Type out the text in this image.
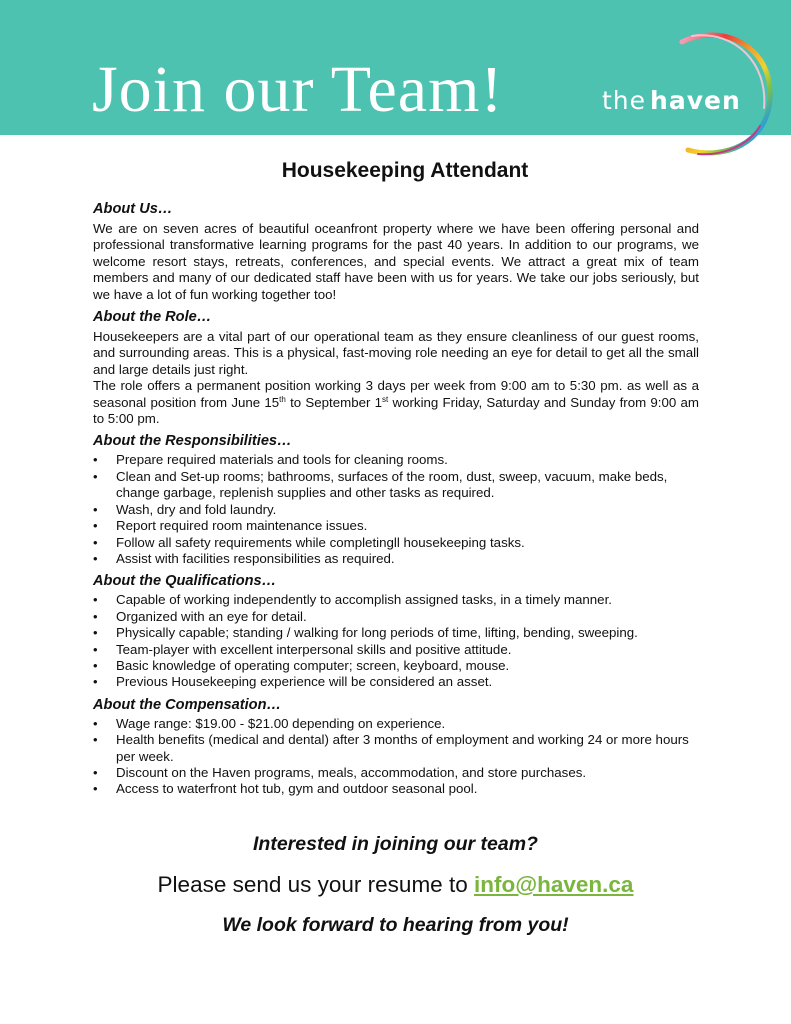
Join our Team!	the haven
Housekeeping Attendant
About Us…

We are on seven acres of beautiful oceanfront property where we have been offering personal and professional transformative learning programs for the past 40 years. In addition to our programs, we welcome resort stays, retreats, conferences, and special events. We attract a great mix of team members and many of our dedicated staff have been with us for years. We take our jobs seriously, but we have a lot of fun working together too!

About the Role…

Housekeepers are a vital part of our operational team as they ensure cleanliness of our guest rooms, and surrounding areas. This is a physical, fast-moving role needing an eye for detail to get all the small and large details just right.

The role offers a permanent position working 3 days per week from 9:00 am to 5:30 pm. as well as a seasonal position from June 15th to September 1st working Friday, Saturday and Sunday from 9:00 am to 5:00 pm.

About the Responsibilities…
• Prepare required materials and tools for cleaning rooms.
• Clean and Set-up rooms; bathrooms, surfaces of the room, dust, sweep, vacuum, make beds, change garbage, replenish supplies and other tasks as required.
• Wash, dry and fold laundry.
• Report required room maintenance issues.
• Follow all safety requirements while completingll housekeeping tasks.
• Assist with facilities responsibilities as required.
About the Qualifications…
• Capable of working independently to accomplish assigned tasks, in a timely manner.
• Organized with an eye for detail.
• Physically capable; standing / walking for long periods of time, lifting, bending, sweeping.
• Team-player with excellent interpersonal skills and positive attitude.
• Basic knowledge of operating computer; screen, keyboard, mouse.
• Previous Housekeeping experience will be considered an asset.
About the Compensation…
• Wage range: $19.00 - $21.00 depending on experience.
• Health benefits (medical and dental) after 3 months of employment and working 24 or more hours per week.
• Discount on the Haven programs, meals, accommodation, and store purchases.
• Access to waterfront hot tub, gym and outdoor seasonal pool.
Interested in joining our team?
Please send us your resume to info@haven.ca
We look forward to hearing from you!
